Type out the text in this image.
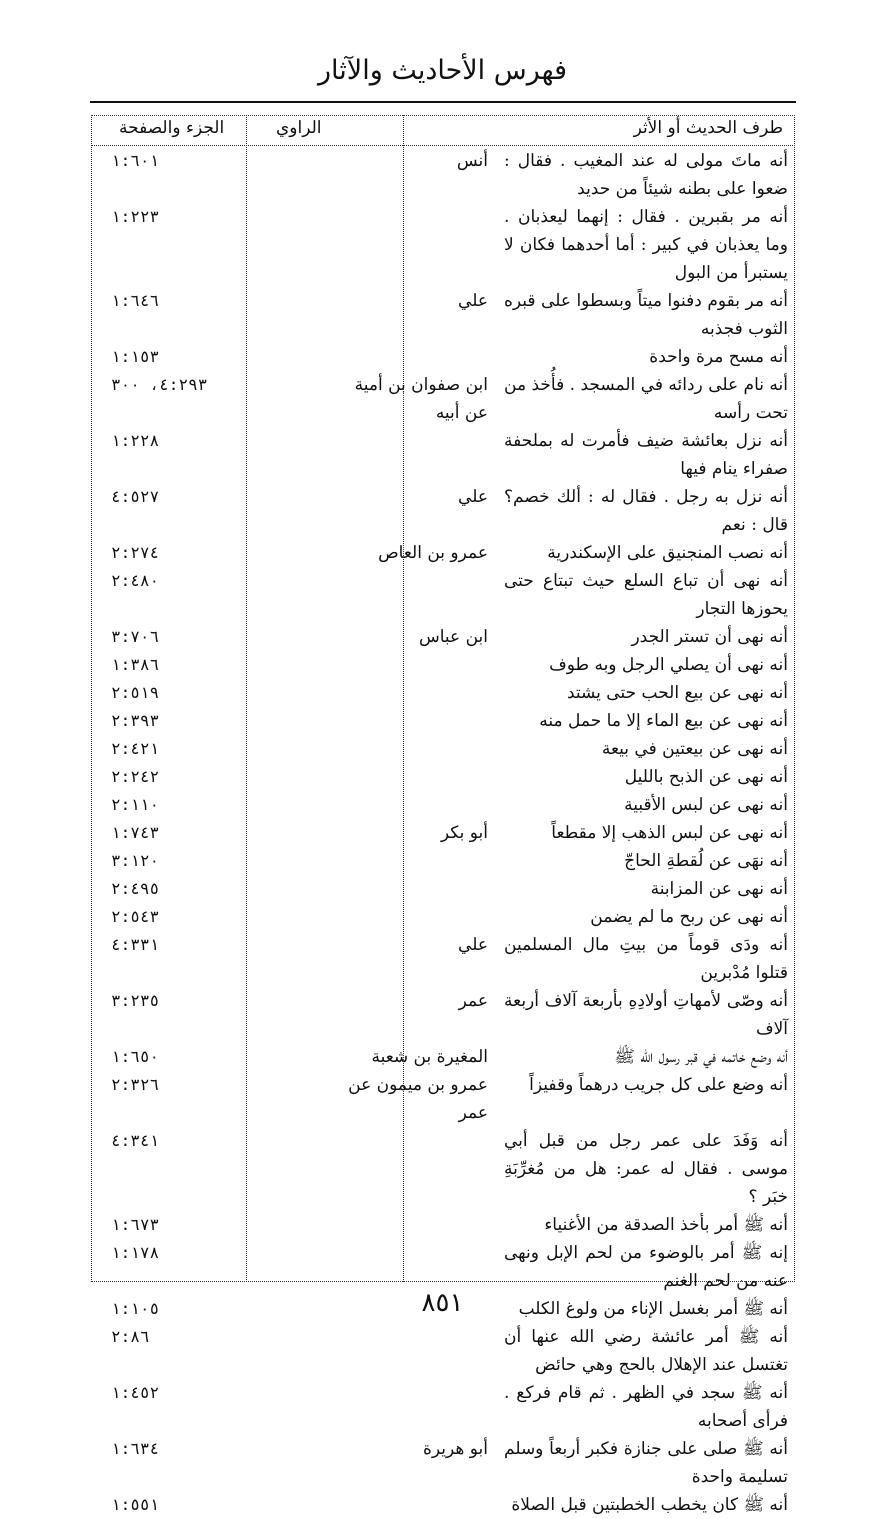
فهرس الأحاديث والآثار
طرف الحديث أو الأثر
الراوي
الجزء والصفحة
أنه ماتَ مولى له عند المغيب . فقال : ضعوا على بطنه شيئاً من حديد
أنس
١:٦٠١
أنه مر بقبرين . فقال : إنهما ليعذبان . وما يعذبان في كبير : أما أحدهما فكان لا يستبرأ من البول
١:٢٢٣
أنه مر بقوم دفنوا ميتاً وبسطوا على قبره الثوب فجذبه
علي
١:٦٤٦
أنه مسح مرة واحدة
١:١٥٣
أنه نام على ردائه في المسجد . فأُخذ من تحت رأسه
ابن صفوان بن أمية عن أبيه
٤:٢٩٣، ٣٠٠
أنه نزل بعائشة ضيف فأمرت له بملحفة صفراء ينام فيها
١:٢٢٨
أنه نزل به رجل . فقال له : ألك خصم؟ قال : نعم
علي
٤:٥٢٧
أنه نصب المنجنيق على الإسكندرية
عمرو بن العاص
٢:٢٧٤
أنه نهى أن تباع السلع حيث تبتاع حتى يحوزها التجار
٢:٤٨٠
أنه نهى أن تستر الجدر
ابن عباس
٣:٧٠٦
أنه نهى أن يصلي الرجل وبه طوف
١:٣٨٦
أنه نهى عن بيع الحب حتى يشتد
٢:٥١٩
أنه نهى عن بيع الماء إلا ما حمل منه
٢:٣٩٣
أنه نهى عن بيعتين في بيعة
٢:٤٢١
أنه نهى عن الذبح بالليل
٢:٢٤٢
أنه نهى عن لبس الأقبية
٢:١١٠
أنه نهى عن لبس الذهب إلا مقطعاً
أبو بكر
١:٧٤٣
أنه نهَى عن لُقطةِ الحاجّ
٣:١٢٠
أنه نهى عن المزابنة
٢:٤٩٥
أنه نهى عن ربح ما لم يضمن
٢:٥٤٣
أنه ودَى قوماً من بيتِ مال المسلمين قتلوا مُدْبرين
علي
٤:٣٣١
أنه وصّى لأمهاتِ أولادِهِ بأربعة آلاف أربعة آلاف
عمر
٣:٢٣٥
أنه وضع خاتمه في قبر رسول الله ﷺ
المغيرة بن شعبة
١:٦٥٠
أنه وضع على كل جريب درهماً وقفيزاً
عمرو بن ميمون عن عمر
٢:٣٢٦
أنه وَفَدَ على عمر رجل من قبل أبي موسى . فقال له عمر: هل من مُغرِّبَةِ خبَر ؟
٤:٣٤١
أنه ﷺ أمر بأخذ الصدقة من الأغنياء
١:٦٧٣
إنه ﷺ أمر بالوضوء من لحم الإبل ونهى عنه من لحم الغنم
١:١٧٨
أنه ﷺ أمر بغسل الإناء من ولوغ الكلب
١:١٠٥
أنه ﷺ أمر عائشة رضي الله عنها أن تغتسل عند الإهلال بالحج وهي حائض
٢:٨٦
أنه ﷺ سجد في الظهر . ثم قام فركع . فرأى أصحابه
١:٤٥٢
أنه ﷺ صلى على جنازة فكبر أربعاً وسلم تسليمة واحدة
أبو هريرة
١:٦٣٤
أنه ﷺ كان يخطب الخطبتين قبل الصلاة
١:٥٥١
٨٥١
